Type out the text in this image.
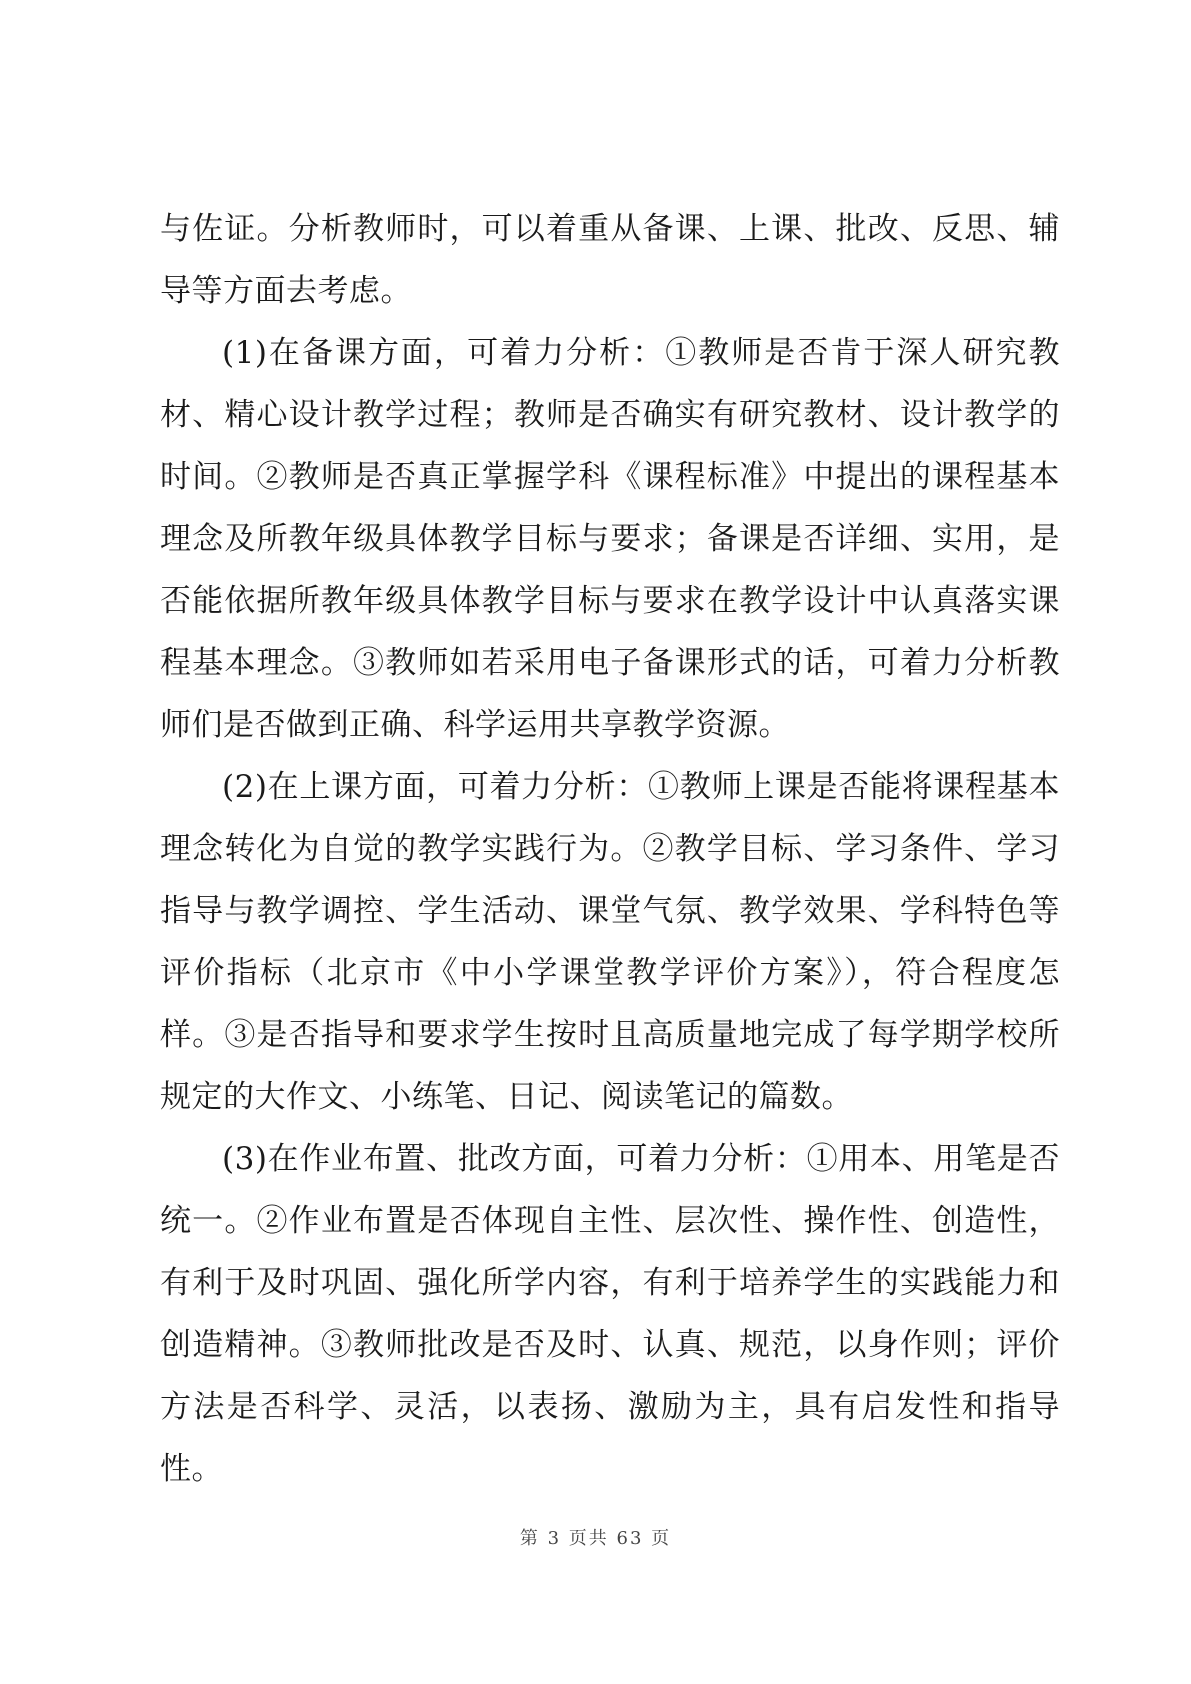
与佐证。分析教师时，可以着重从备课、上课、批改、反思、辅导等方面去考虑。

(1)在备课方面，可着力分析：①教师是否肯于深人研究教材、精心设计教学过程；教师是否确实有研究教材、设计教学的时间。②教师是否真正掌握学科《课程标准》中提出的课程基本理念及所教年级具体教学目标与要求；备课是否详细、实用，是否能依据所教年级具体教学目标与要求在教学设计中认真落实课程基本理念。③教师如若采用电子备课形式的话，可着力分析教师们是否做到正确、科学运用共享教学资源。

(2)在上课方面，可着力分析：①教师上课是否能将课程基本理念转化为自觉的教学实践行为。②教学目标、学习条件、学习指导与教学调控、学生活动、课堂气氛、教学效果、学科特色等评价指标（北京市《中小学课堂教学评价方案》），符合程度怎样。③是否指导和要求学生按时且高质量地完成了每学期学校所规定的大作文、小练笔、日记、阅读笔记的篇数。

(3)在作业布置、批改方面，可着力分析：①用本、用笔是否统一。②作业布置是否体现自主性、层次性、操作性、创造性，有利于及时巩固、强化所学内容，有利于培养学生的实践能力和创造精神。③教师批改是否及时、认真、规范，以身作则；评价方法是否科学、灵活，以表扬、激励为主，具有启发性和指导性。

第 3 页共 63 页
